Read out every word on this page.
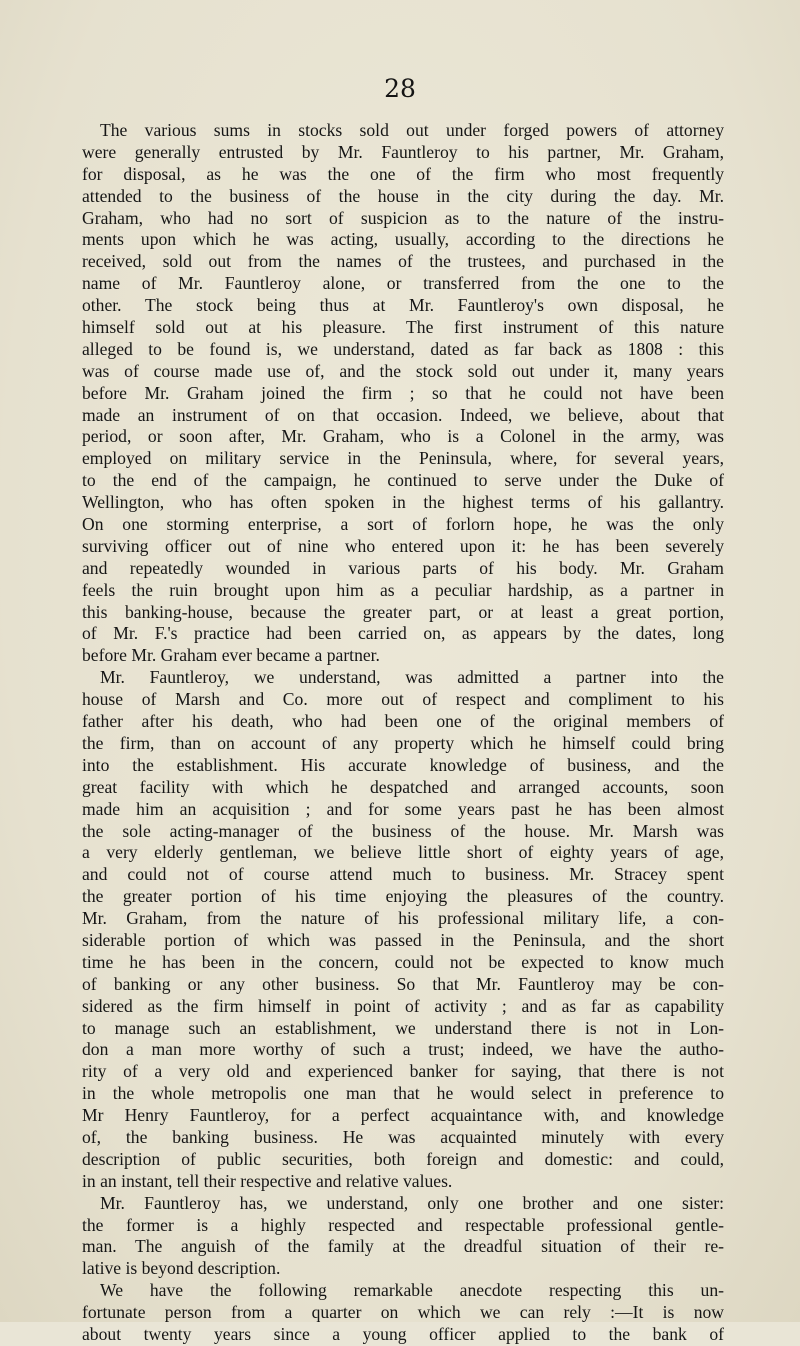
28
The various sums in stocks sold out under forged powers of attorney
were generally entrusted by Mr. Fauntleroy to his partner, Mr. Graham,
for disposal, as he was the one of the firm who most frequently
attended to the business of the house in the city during the day. Mr.
Graham, who had no sort of suspicion as to the nature of the instru-
ments upon which he was acting, usually, according to the directions he
received, sold out from the names of the trustees, and purchased in the
name of Mr. Fauntleroy alone, or transferred from the one to the
other. The stock being thus at Mr. Fauntleroy's own disposal, he
himself sold out at his pleasure. The first instrument of this nature
alleged to be found is, we understand, dated as far back as 1808 : this
was of course made use of, and the stock sold out under it, many years
before Mr. Graham joined the firm ; so that he could not have been
made an instrument of on that occasion. Indeed, we believe, about that
period, or soon after, Mr. Graham, who is a Colonel in the army, was
employed on military service in the Peninsula, where, for several years,
to the end of the campaign, he continued to serve under the Duke of
Wellington, who has often spoken in the highest terms of his gallantry.
On one storming enterprise, a sort of forlorn hope, he was the only
surviving officer out of nine who entered upon it: he has been severely
and repeatedly wounded in various parts of his body. Mr. Graham
feels the ruin brought upon him as a peculiar hardship, as a partner in
this banking-house, because the greater part, or at least a great portion,
of Mr. F.'s practice had been carried on, as appears by the dates, long
before Mr. Graham ever became a partner.
Mr. Fauntleroy, we understand, was admitted a partner into the
house of Marsh and Co. more out of respect and compliment to his
father after his death, who had been one of the original members of
the firm, than on account of any property which he himself could bring
into the establishment. His accurate knowledge of business, and the
great facility with which he despatched and arranged accounts, soon
made him an acquisition ; and for some years past he has been almost
the sole acting-manager of the business of the house. Mr. Marsh was
a very elderly gentleman, we believe little short of eighty years of age,
and could not of course attend much to business. Mr. Stracey spent
the greater portion of his time enjoying the pleasures of the country.
Mr. Graham, from the nature of his professional military life, a con-
siderable portion of which was passed in the Peninsula, and the short
time he has been in the concern, could not be expected to know much
of banking or any other business. So that Mr. Fauntleroy may be con-
sidered as the firm himself in point of activity ; and as far as capability
to manage such an establishment, we understand there is not in Lon-
don a man more worthy of such a trust; indeed, we have the autho-
rity of a very old and experienced banker for saying, that there is not
in the whole metropolis one man that he would select in preference to
Mr Henry Fauntleroy, for a perfect acquaintance with, and knowledge
of, the banking business. He was acquainted minutely with every
description of public securities, both foreign and domestic: and could,
in an instant, tell their respective and relative values.
Mr. Fauntleroy has, we understand, only one brother and one sister:
the former is a highly respected and respectable professional gentle-
man. The anguish of the family at the dreadful situation of their re-
lative is beyond description.
We have the following remarkable anecdote respecting this un-
fortunate person from a quarter on which we can rely :—It is now
about twenty years since a young officer applied to the bank of
